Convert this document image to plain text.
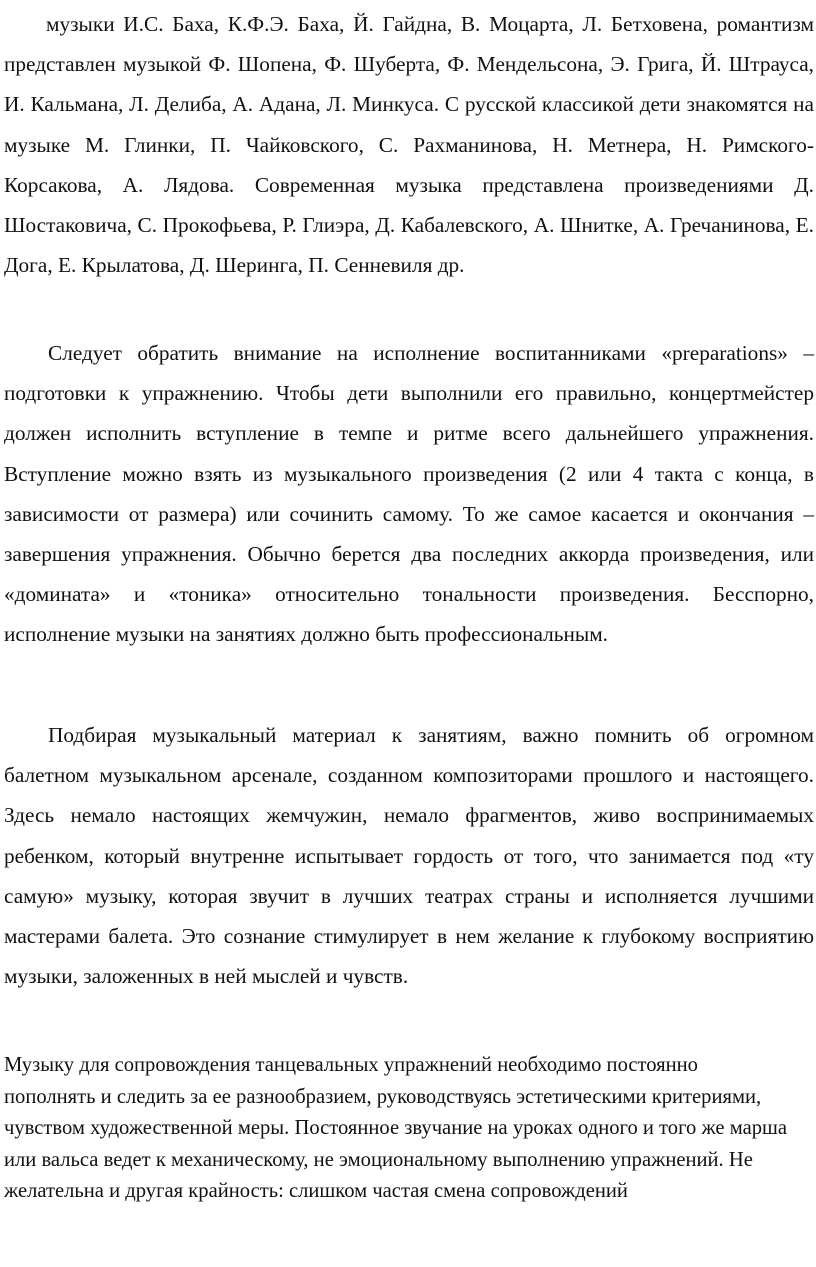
музыки И.С. Баха, К.Ф.Э. Баха, Й. Гайдна, В. Моцарта, Л. Бетховена, романтизм представлен музыкой Ф. Шопена, Ф. Шуберта, Ф. Мендельсона, Э. Грига, Й. Штрауса, И. Кальмана, Л. Делиба, А. Адана, Л. Минкуса. С русской классикой дети знакомятся на музыке М. Глинки, П. Чайковского, С. Рахманинова, Н. Метнера, Н. Римского-Корсакова, А. Лядова. Современная музыка представлена произведениями Д. Шостаковича, С. Прокофьева, Р. Глиэра, Д. Кабалевского, А. Шнитке, А. Гречанинова, Е. Дога, Е. Крылатова, Д. Шеринга, П. Сенневиля др.

Следует обратить внимание на исполнение воспитанниками «preparations» – подготовки к упражнению. Чтобы дети выполнили его правильно, концертмейстер должен исполнить вступление в темпе и ритме всего дальнейшего упражнения. Вступление можно взять из музыкального произведения (2 или 4 такта с конца, в зависимости от размера) или сочинить самому. То же самое касается и окончания – завершения упражнения. Обычно берется два последних аккорда произведения, или «домината» и «тоника» относительно тональности произведения. Бесспорно, исполнение музыки на занятиях должно быть профессиональным.

Подбирая музыкальный материал к занятиям, важно помнить об огромном балетном музыкальном арсенале, созданном композиторами прошлого и настоящего. Здесь немало настоящих жемчужин, немало фрагментов, живо воспринимаемых ребенком, который внутренне испытывает гордость от того, что занимается под «ту самую» музыку, которая звучит в лучших театрах страны и исполняется лучшими мастерами балета. Это сознание стимулирует в нем желание к глубокому восприятию музыки, заложенных в ней мыслей и чувств.

Музыку для сопровождения танцевальных упражнений необходимо постоянно пополнять и следить за ее разнообразием, руководствуясь эстетическими критериями, чувством художественной меры. Постоянное звучание на уроках одного и того же марша или вальса ведет к механическому, не эмоциональному выполнению упражнений. Не желательна и другая крайность: слишком частая смена сопровождений
